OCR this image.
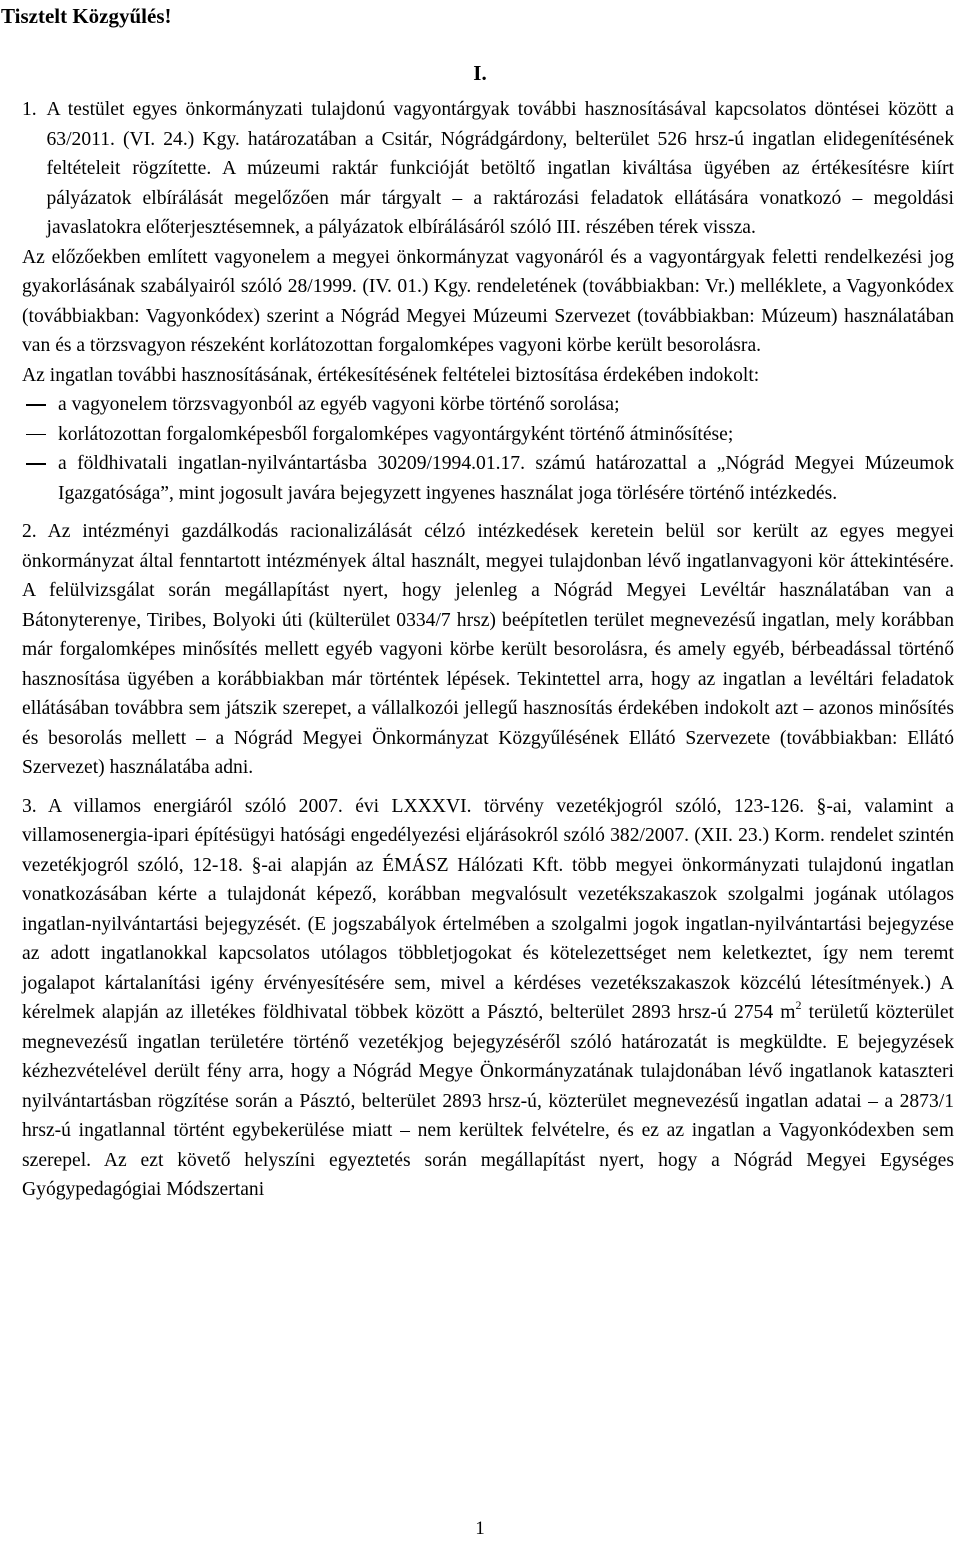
Tisztelt Közgyűlés!
I.
1. A testület egyes önkormányzati tulajdonú vagyontárgyak további hasznosításával kapcsolatos döntései között a 63/2011. (VI. 24.) Kgy. határozatában a Csitár, Nógrádgárdony, belterület 526 hrsz-ú ingatlan elidegenítésének feltételeit rögzítette. A múzeumi raktár funkcióját betöltő ingatlan kiváltása ügyében az értékesítésre kiírt pályázatok elbírálását megelőzően már tárgyalt – a raktározási feladatok ellátására vonatkozó – megoldási javaslatokra előterjesztésemnek, a pályázatok elbírálásáról szóló III. részében térek vissza.

Az előzőekben említett vagyonelem a megyei önkormányzat vagyonáról és a vagyontárgyak feletti rendelkezési jog gyakorlásának szabályairól szóló 28/1999. (IV. 01.) Kgy. rendeletének (továbbiakban: Vr.) melléklete, a Vagyonkódex (továbbiakban: Vagyonkódex) szerint a Nógrád Megyei Múzeumi Szervezet (továbbiakban: Múzeum) használatában van és a törzsvagyon részeként korlátozottan forgalomképes vagyoni körbe került besorolásra.

Az ingatlan további hasznosításának, értékesítésének feltételei biztosítása érdekében indokolt:

a vagyonelem törzsvagyonból az egyéb vagyoni körbe történő sorolása;
korlátozottan forgalomképesből forgalomképes vagyontárgyként történő átminősítése;
a földhivatali ingatlan-nyilvántartásba 30209/1994.01.17. számú határozattal a „Nógrád Megyei Múzeumok Igazgatósága”, mint jogosult javára bejegyzett ingyenes használat joga törlésére történő intézkedés.

2. Az intézményi gazdálkodás racionalizálását célzó intézkedések keretein belül sor került az egyes megyei önkormányzat által fenntartott intézmények által használt, megyei tulajdonban lévő ingatlanvagyoni kör áttekintésére. A felülvizsgálat során megállapítást nyert, hogy jelenleg a Nógrád Megyei Levéltár használatában van a Bátonyterenye, Tiribes, Bolyoki úti (külterület 0334/7 hrsz) beépítetlen terület megnevezésű ingatlan, mely korábban már forgalomképes minősítés mellett egyéb vagyoni körbe került besorolásra, és amely egyéb, bérbeadással történő hasznosítása ügyében a korábbiakban már történtek lépések. Tekintettel arra, hogy az ingatlan a levéltári feladatok ellátásában továbbra sem játszik szerepet, a vállalkozói jellegű hasznosítás érdekében indokolt azt – azonos minősítés és besorolás mellett – a Nógrád Megyei Önkormányzat Közgyűlésének Ellátó Szervezete (továbbiakban: Ellátó Szervezet) használatába adni.

3. A villamos energiáról szóló 2007. évi LXXXVI. törvény vezetékjogról szóló, 123-126. §-ai, valamint a villamosenergia-ipari építésügyi hatósági engedélyezési eljárásokról szóló 382/2007. (XII. 23.) Korm. rendelet szintén vezetékjogról szóló, 12-18. §-ai alapján az ÉMÁSZ Hálózati Kft. több megyei önkormányzati tulajdonú ingatlan vonatkozásában kérte a tulajdonát képező, korábban megvalósult vezetékszakaszok szolgalmi jogának utólagos ingatlan-nyilvántartási bejegyzését. (E jogszabályok értelmében a szolgalmi jogok ingatlan-nyilvántartási bejegyzése az adott ingatlanokkal kapcsolatos utólagos többletjogokat és kötelezettséget nem keletkeztet, így nem teremt jogalapot kártalanítási igény érvényesítésére sem, mivel a kérdéses vezetékszakaszok közcélú létesítmények.) A kérelmek alapján az illetékes földhivatal többek között a Pásztó, belterület 2893 hrsz-ú 2754 $m^2$ területű közterület megnevezésű ingatlan területére történő vezetékjog bejegyzéséről szóló határozatát is megküldte. E bejegyzések kézhezvételével derült fény arra, hogy a Nógrád Megye Önkormányzatának tulajdonában lévő ingatlanok kataszteri nyilvántartásban rögzítése során a Pásztó, belterület 2893 hrsz-ú, közterület megnevezésű ingatlan adatai – a 2873/1 hrsz-ú ingatlannal történt egybekerülése miatt – nem kerültek felvételre, és ez az ingatlan a Vagyonkódexben sem szerepel. Az ezt követő helyszíni egyeztetés során megállapítást nyert, hogy a Nógrád Megyei Egységes Gyógypedagógiai Módszertani

1
